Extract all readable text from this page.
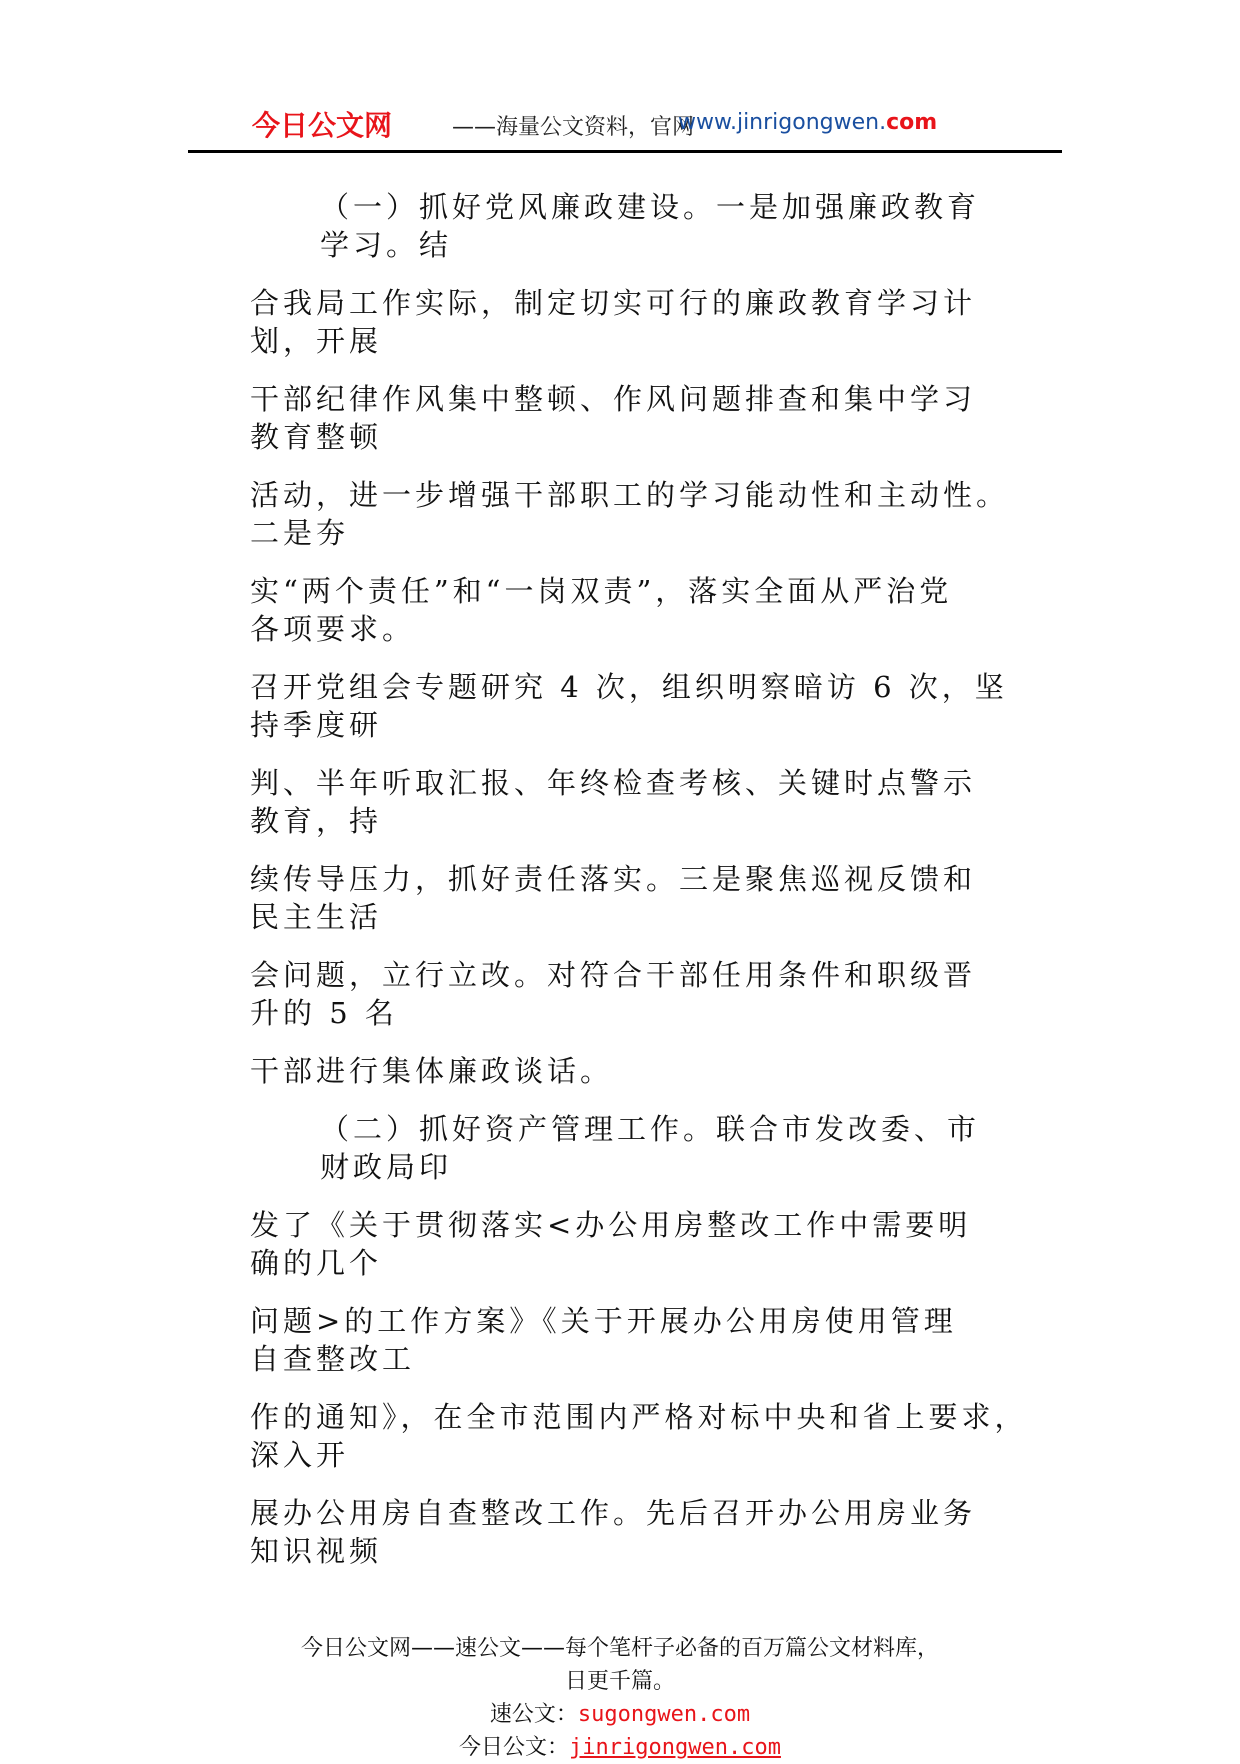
今日公文网	——海量公文资料，官网
www.jinrigongwen.com
（一）抓好党风廉政建设。一是加强廉政教育
学习。结
合我局工作实际，制定切实可行的廉政教育学习计
划，开展
干部纪律作风集中整顿、作风问题排查和集中学习
教育整顿
活动，进一步增强干部职工的学习能动性和主动性。
二是夯
实“两个责任”和“一岗双责”，落实全面从严治党
各项要求。
召开党组会专题研究 4 次，组织明察暗访 6 次，坚
持季度研
判、半年听取汇报、年终检查考核、关键时点警示
教育，持
续传导压力，抓好责任落实。三是聚焦巡视反馈和
民主生活
会问题，立行立改。对符合干部任用条件和职级晋
升的 5 名
干部进行集体廉政谈话。
（二）抓好资产管理工作。联合市发改委、市
财政局印
发了《关于贯彻落实<办公用房整改工作中需要明
确的几个
问题>的工作方案》《关于开展办公用房使用管理
自查整改工
作的通知》，在全市范围内严格对标中央和省上要求，
深入开
展办公用房自查整改工作。先后召开办公用房业务
知识视频
今日公文网——速公文——每个笔杆子必备的百万篇公文材料库，
日更千篇。
速公文：sugongwen.com
今日公文：jinrigongwen.com
